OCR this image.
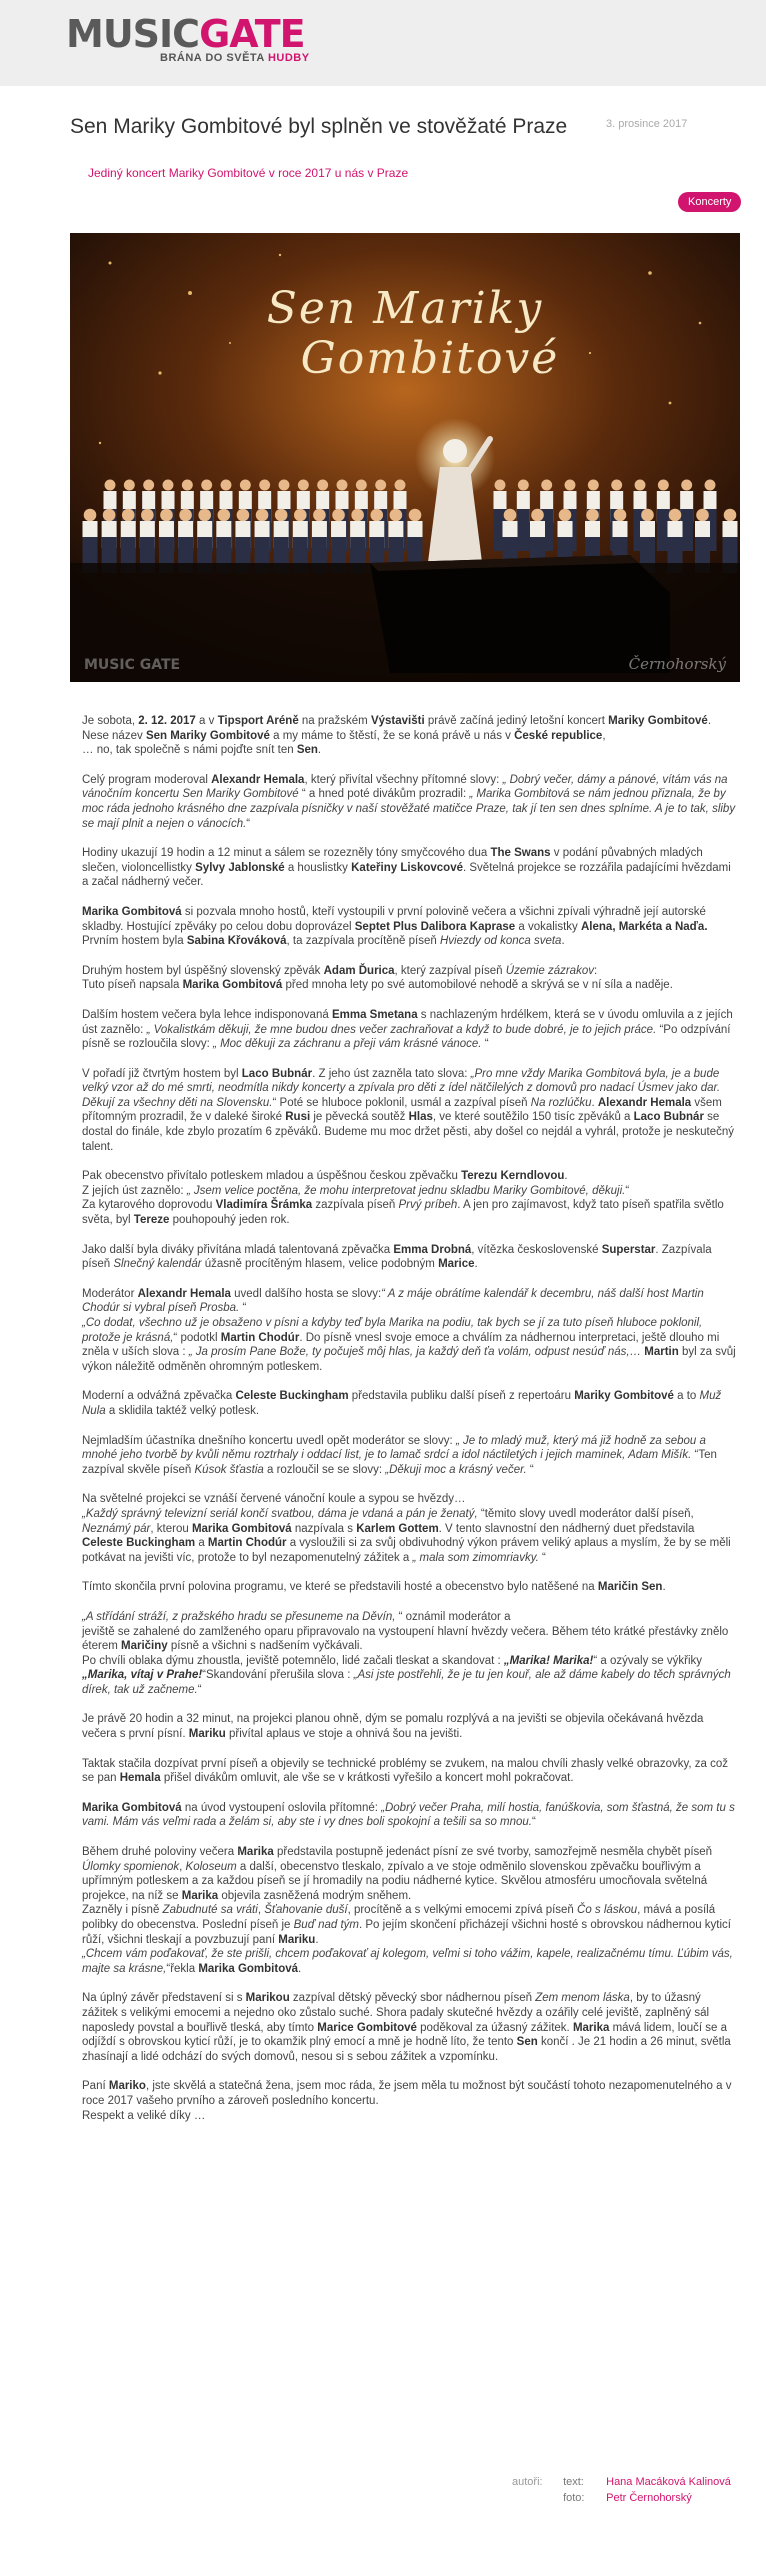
MUSICGATE
BRÁNA DO SVĚTA HUDBY
Sen Mariky Gombitové byl splněn ve stověžaté Praze	3. prosince 2017
Jediný koncert Mariky Gombitové v roce 2017 u nás v Praze
Koncerty
Sen Mariky
Gombitové
MUSIC GATE	Černohorský

Je sobota, 2. 12. 2017 a v Tipsport Aréně na pražském Výstavišti právě začíná jediný letošní koncert Mariky Gombitové.
Nese název Sen Mariky Gombitové a my máme to štěstí, že se koná právě u nás v České republice,
… no, tak společně s námi pojďte snít ten Sen.

Celý program moderoval Alexandr Hemala, který přivítal všechny přítomné slovy: „ Dobrý večer, dámy a pánové, vítám vás na vánočním koncertu Sen Mariky Gombitové “ a hned poté divákům prozradil: „ Marika Gombitová se nám jednou přiznala, že by moc ráda jednoho krásného dne zazpívala písničky v naší stověžaté matičce Praze, tak jí ten sen dnes splníme. A je to tak, sliby se mají plnit a nejen o vánocích.“

Hodiny ukazují 19 hodin a 12 minut a sálem se rozezněly tóny smyčcového dua The Swans v podání půvabných mladých slečen, violoncellistky Sylvy Jablonské a houslistky Kateřiny Liskovcové. Světelná projekce se rozzářila padajícími hvězdami a začal nádherný večer.

Marika Gombitová si pozvala mnoho hostů, kteří vystoupili v první polovině večera a všichni zpívali výhradně její autorské skladby. Hostující zpěváky po celou dobu doprovázel Septet Plus Dalibora Kaprase a vokalistky Alena, Markéta a Naďa.
Prvním hostem byla Sabina Křováková, ta zazpívala procítěně píseň Hviezdy od konca sveta.

Druhým hostem byl úspěšný slovenský zpěvák Adam Ďurica, který zazpíval píseň Územie zázrakov:
Tuto píseň napsala Marika Gombitová před mnoha lety po své automobilové nehodě a skrývá se v ní síla a naděje.

Dalším hostem večera byla lehce indisponovaná Emma Smetana s nachlazeným hrdélkem, která se v úvodu omluvila a z jejích úst zaznělo: „ Vokalistkám děkuji, že mne budou dnes večer zachraňovat a když to bude dobré, je to jejich práce. “Po odzpívání písně se rozloučila slovy: „ Moc děkuji za záchranu a přeji vám krásné vánoce. “

V pořadí již čtvrtým hostem byl Laco Bubnár. Z jeho úst zazněla tato slova: „Pro mne vždy Marika Gombitová byla, je a bude velký vzor až do mé smrti, neodmítla nikdy koncerty a zpívala pro děti z ídel nätčilelých z domovů pro nadací Úsmev jako dar. Děkují za všechny děti na Slovensku.“ Poté se hluboce poklonil, usmál a zazpíval píseň Na rozlúčku. Alexandr Hemala všem přítomným prozradil, že v daleké široké Rusi je pěvecká soutěž Hlas, ve které soutěžilo 150 tisíc zpěváků a Laco Bubnár se dostal do finále, kde zbylo prozatím 6 zpěváků. Budeme mu moc držet pěsti, aby došel co nejdál a vyhrál, protože je neskutečný talent.

Pak obecenstvo přivítalo potleskem mladou a úspěšnou českou zpěvačku Terezu Kerndlovou.
Z jejích úst zaznělo: „ Jsem velice poctěna, že mohu interpretovat jednu skladbu Mariky Gombitové, děkuji.“
Za kytarového doprovodu Vladimíra Šrámka zazpívala píseň Prvý príbeh. A jen pro zajímavost, když tato píseň spatřila světlo světa, byl Tereze pouhopouhý jeden rok.

Jako další byla diváky přivítána mladá talentovaná zpěvačka Emma Drobná, vítězka československé Superstar. Zazpívala píseň Slnečný kalendár úžasně procítěným hlasem, velice podobným Marice.

Moderátor Alexandr Hemala uvedl dalšího hosta se slovy:“ A z máje obrátíme kalendář k decembru, náš další host Martin Chodúr si vybral píseň Prosba. “
„Co dodat, všechno už je obsaženo v písni a kdyby teď byla Marika na podiu, tak bych se jí za tuto píseň hluboce poklonil, protože je krásná,“ podotkl Martin Chodúr. Do písně vnesl svoje emoce a chválím za nádhernou interpretaci, ještě dlouho mi zněla v uších slova : „ Ja prosím Pane Bože, ty počuješ môj hlas, ja každý deň ťa volám, odpust nesúď nás,… Martin byl za svůj výkon náležitě odměněn ohromným potleskem.

Moderní a odvážná zpěvačka Celeste Buckingham představila publiku další píseň z repertoáru Mariky Gombitové a to Muž Nula a sklidila taktéž velký potlesk.

Nejmladším účastníka dnešního koncertu uvedl opět moderátor se slovy: „ Je to mladý muž, který má již hodně za sebou a mnohé jeho tvorbě by kvůli němu roztrhaly i oddací list, je to lamač srdcí a idol náctiletých i jejich maminek, Adam Mišík. “Ten zazpíval skvěle píseň Kúsok šťastia a rozloučil se se slovy: „Děkuji moc a krásný večer. “

Na světelné projekci se vznáší červené vánoční koule a sypou se hvězdy…
„Každý správný televizní seriál končí svatbou, dáma je vdaná a pán je ženatý, “těmito slovy uvedl moderátor další píseň, Neznámý pár, kterou Marika Gombitová nazpívala s Karlem Gottem. V tento slavnostní den nádherný duet představila Celeste Buckingham a Martin Chodúr a vysloužili si za svůj obdivuhodný výkon právem veliký aplaus a myslím, že by se měli potkávat na jevišti víc, protože to byl nezapomenutelný zážitek a „ mala som zimomriavky. “

Tímto skončila první polovina programu, ve které se představili hosté a obecenstvo bylo natěšené na Maričin Sen.

„A střídání stráží, z pražského hradu se přesuneme na Děvín, “ oznámil moderátor a
jeviště se zahalené do zamlženého oparu připravovalo na vystoupení hlavní hvězdy večera. Během této krátké přestávky znělo éterem Maričiny písně a všichni s nadšením vyčkávali.
Po chvíli oblaka dýmu zhoustla, jeviště potemnělo, lidé začali tleskat a skandovat : „Marika! Marika!“ a ozývaly se výkřiky „Marika, vítaj v Prahe!“Skandování přerušila slova : „Asi jste postřehli, že je tu jen kouř, ale až dáme kabely do těch správných dírek, tak už začneme.“

Je právě 20 hodin a 32 minut, na projekci planou ohně, dým se pomalu rozplývá a na jevišti se objevila očekávaná hvězda večera s první písní. Mariku přivítal aplaus ve stoje a ohnivá šou na jevišti.

Taktak stačila dozpívat první píseň a objevily se technické problémy se zvukem, na malou chvíli zhasly velké obrazovky, za což se pan Hemala přišel divákům omluvit, ale vše se v krátkosti vyřešilo a koncert mohl pokračovat.

Marika Gombitová na úvod vystoupení oslovila přítomné: „Dobrý večer Praha, milí hostia, fanúškovia, som šťastná, že som tu s vami. Mám vás veľmi rada a želám si, aby ste i vy dnes boli spokojní a tešili sa so mnou.“

Během druhé poloviny večera Marika představila postupně jedenáct písní ze své tvorby, samozřejmě nesměla chybět píseň Úlomky spomienok, Koloseum a další, obecenstvo tleskalo, zpívalo a ve stoje odměnilo slovenskou zpěvačku bouřlivým a upřímným potleskem a za každou píseň se jí hromadily na podiu nádherné kytice. Skvělou atmosféru umocňovala světelná projekce, na níž se Marika objevila zasněžená modrým sněhem.
Zazněly i písně Zabudnuté sa vráti, Šťahovanie duší, procítěně a s velkými emocemi zpívá píseň Čo s láskou, mává a posílá polibky do obecenstva. Poslední píseň je Buď nad tým. Po jejím skončení přicházejí všichni hosté s obrovskou nádhernou kyticí růží, všichni tleskají a povzbuzují paní Mariku.
„Chcem vám poďakovať, že ste prišli, chcem poďakovať aj kolegom, veľmi si toho vážim, kapele, realizačnému tímu. Ľúbim vás, majte sa krásne,“řekla Marika Gombitová.

Na úplný závěr představení si s Marikou zazpíval dětský pěvecký sbor nádhernou píseň Zem menom láska, by to úžasný zážitek s velikými emocemi a nejedno oko zůstalo suché. Shora padaly skutečné hvězdy a ozářily celé jeviště, zaplněný sál naposledy povstal a bouřlivě tleská, aby tímto Marice Gombitové poděkoval za úžasný zážitek. Marika mává lidem, loučí se a odjíždí s obrovskou kyticí růží, je to okamžik plný emocí a mně je hodně líto, že tento Sen končí . Je 21 hodin a 26 minut, světla zhasínají a lidé odchází do svých domovů, nesou si s sebou zážitek a vzpomínku.

Paní Mariko, jste skvělá a statečná žena, jsem moc ráda, že jsem měla tu možnost být součástí tohoto nezapomenutelného a v roce 2017 vašeho prvního a zároveň posledního koncertu.
Respekt a veliké díky …

autoři: text: Hana Macáková Kalinová
foto: Petr Černohorský
